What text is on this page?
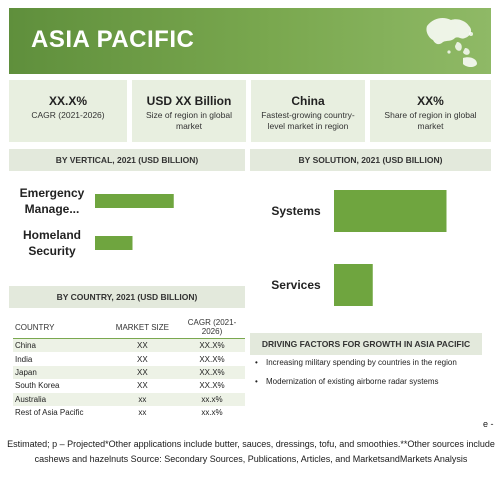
ASIA PACIFIC
XX.X%
CAGR (2021-2026)
USD XX Billion
Size of region in global market
China
Fastest-growing country-level market in region
XX%
Share of region in global market
BY VERTICAL, 2021 (USD BILLION)	BY SOLUTION, 2021 (USD BILLION)
Emergency
Manage...
Homeland
Security
Systems
Services
BY COUNTRY, 2021 (USD BILLION)
COUNTRY	MARKET SIZE	CAGR (2021-2026)
China	XX	XX.X%
India	XX	XX.X%
Japan	XX	XX.X%
South Korea	XX	XX.X%
Australia	xx	xx.x%
Rest of Asia Pacific	xx	xx.x%
DRIVING FACTORS FOR GROWTH IN ASIA PACIFIC
• Increasing military spending by countries in the region
• Modernization of existing airborne radar systems
e -
Estimated; p – Projected*Other applications include butter, sauces, dressings, tofu, and smoothies.**Other sources include cashews and hazelnuts Source: Secondary Sources, Publications, Articles, and MarketsandMarkets Analysis
